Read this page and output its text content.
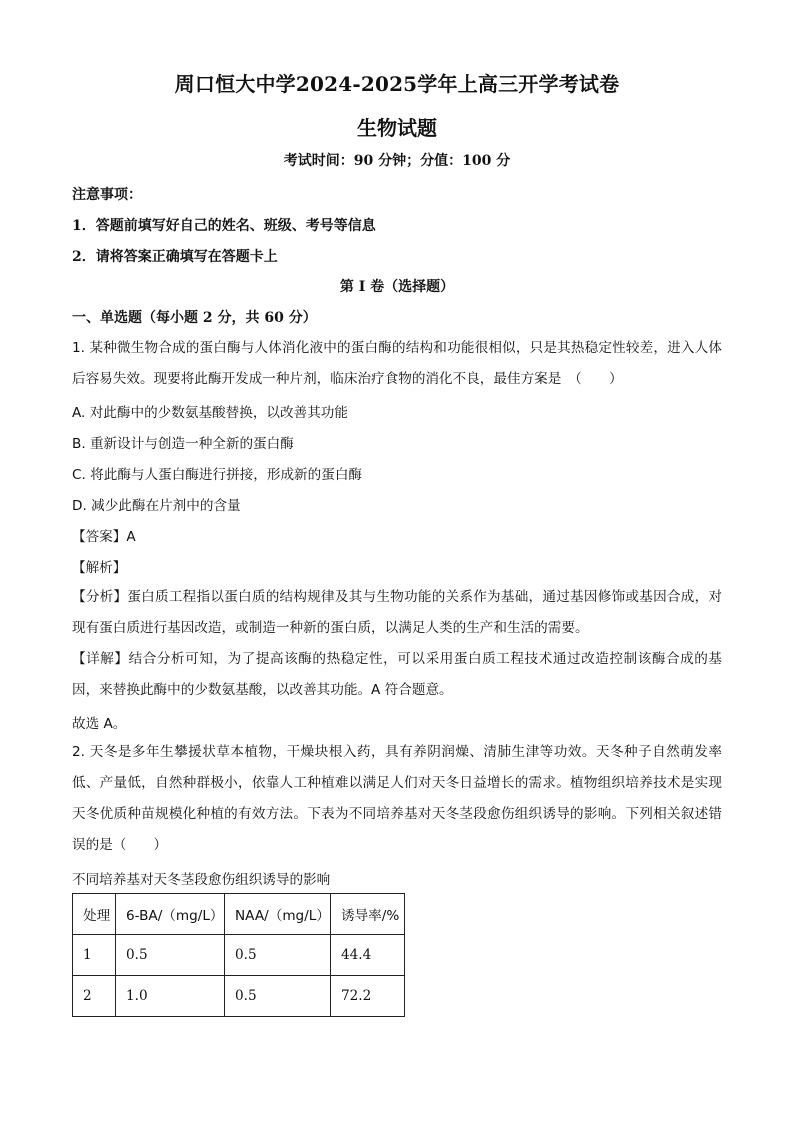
周口恒大中学2024-2025学年上高三开学考试卷
生物试题
考试时间：90 分钟；分值：100 分
注意事项：
1．答题前填写好自己的姓名、班级、考号等信息
2．请将答案正确填写在答题卡上
第 I 卷（选择题）
一、单选题（每小题 2 分，共 60 分）
1. 某种微生物合成的蛋白酶与人体消化液中的蛋白酶的结构和功能很相似，只是其热稳定性较差，进入人体后容易失效。现要将此酶开发成一种片剂，临床治疗食物的消化不良，最佳方案是　（　　）
A. 对此酶中的少数氨基酸替换，以改善其功能
B. 重新设计与创造一种全新的蛋白酶
C. 将此酶与人蛋白酶进行拼接，形成新的蛋白酶
D. 减少此酶在片剂中的含量
【答案】A
【解析】
【分析】蛋白质工程指以蛋白质的结构规律及其与生物功能的关系作为基础，通过基因修饰或基因合成，对现有蛋白质进行基因改造，或制造一种新的蛋白质，以满足人类的生产和生活的需要。
【详解】结合分析可知，为了提高该酶的热稳定性，可以采用蛋白质工程技术通过改造控制该酶合成的基因，来替换此酶中的少数氨基酸，以改善其功能。A 符合题意。
故选 A。
2. 天冬是多年生攀援状草本植物，干燥块根入药，具有养阴润燥、清肺生津等功效。天冬种子自然萌发率低、产量低，自然种群极小，依靠人工种植难以满足人们对天冬日益增长的需求。植物组织培养技术是实现天冬优质种苗规模化种植的有效方法。下表为不同培养基对天冬茎段愈伤组织诱导的影响。下列相关叙述错误的是（　　）
不同培养基对天冬茎段愈伤组织诱导的影响
处理	6-BA/（mg/L）	NAA/（mg/L）	诱导率/%
1	0.5	0.5	44.4
2	1.0	0.5	72.2
